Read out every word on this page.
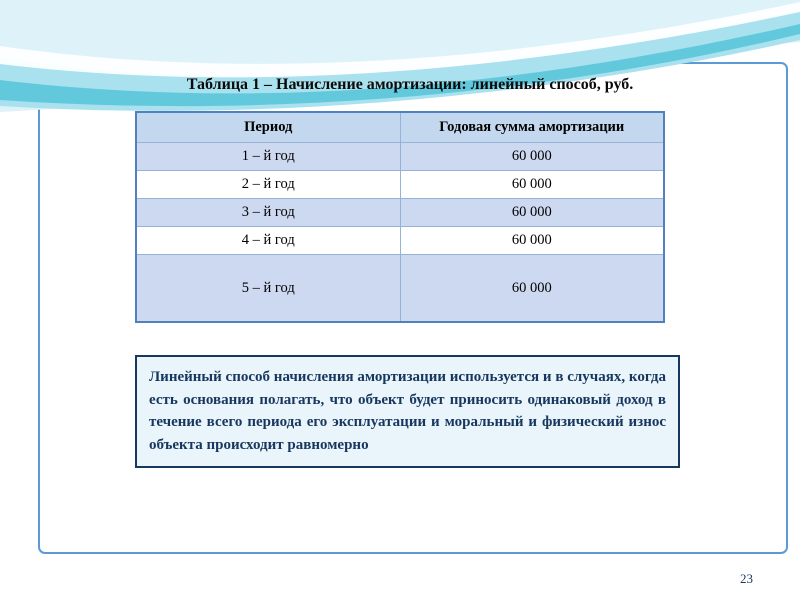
Таблица 1 – Начисление амортизации: линейный способ, руб.
Период	Годовая сумма амортизации
1 – й год	60 000
2 – й год	60 000
3 – й год	60 000
4 – й год	60 000
5 – й год	60 000
Линейный способ начисления амортизации используется и в случаях, когда есть основания полагать, что объект будет приносить одинаковый доход в течение всего периода его эксплуатации и моральный и физический износ объекта происходит равномерно
23
